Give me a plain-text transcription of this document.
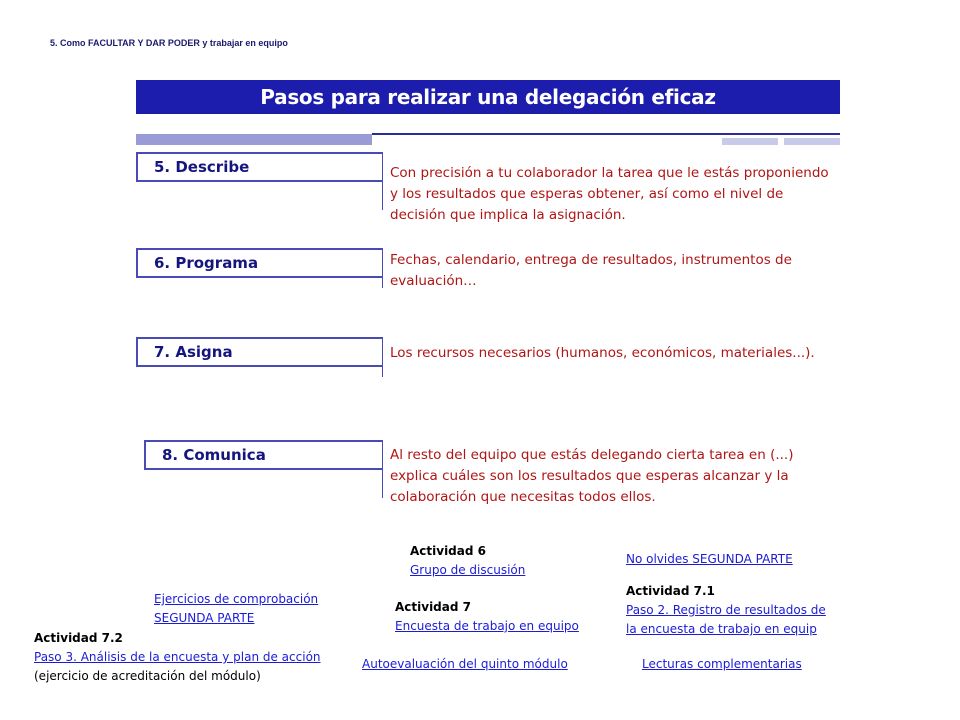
5. Como FACULTAR Y DAR PODER y trabajar en equipo
Pasos para realizar una delegación eficaz
5. Describe	Con precisión a tu colaborador la tarea que le estás proponiendo y los resultados que esperas obtener, así como el nivel de decisión que implica la asignación.
6. Programa	Fechas, calendario, entrega de resultados, instrumentos de evaluación…
7. Asigna	Los recursos necesarios (humanos, económicos, materiales...).
8. Comunica	Al resto del equipo que estás delegando cierta tarea en (...) explica cuáles son los resultados que esperas alcanzar y la colaboración que necesitas todos ellos.
Actividad 6
Grupo de discusión
No olvides SEGUNDA PARTE
Actividad 7.1
Paso 2. Registro de resultados de
la encuesta de trabajo en equip
Ejercicios de comprobación
SEGUNDA PARTE
Actividad 7
Encuesta de trabajo en equipo
Actividad 7.2
Paso 3. Análisis de la encuesta y plan de acción
(ejercicio de acreditación del módulo)
Autoevaluación del quinto módulo	Lecturas complementarias
